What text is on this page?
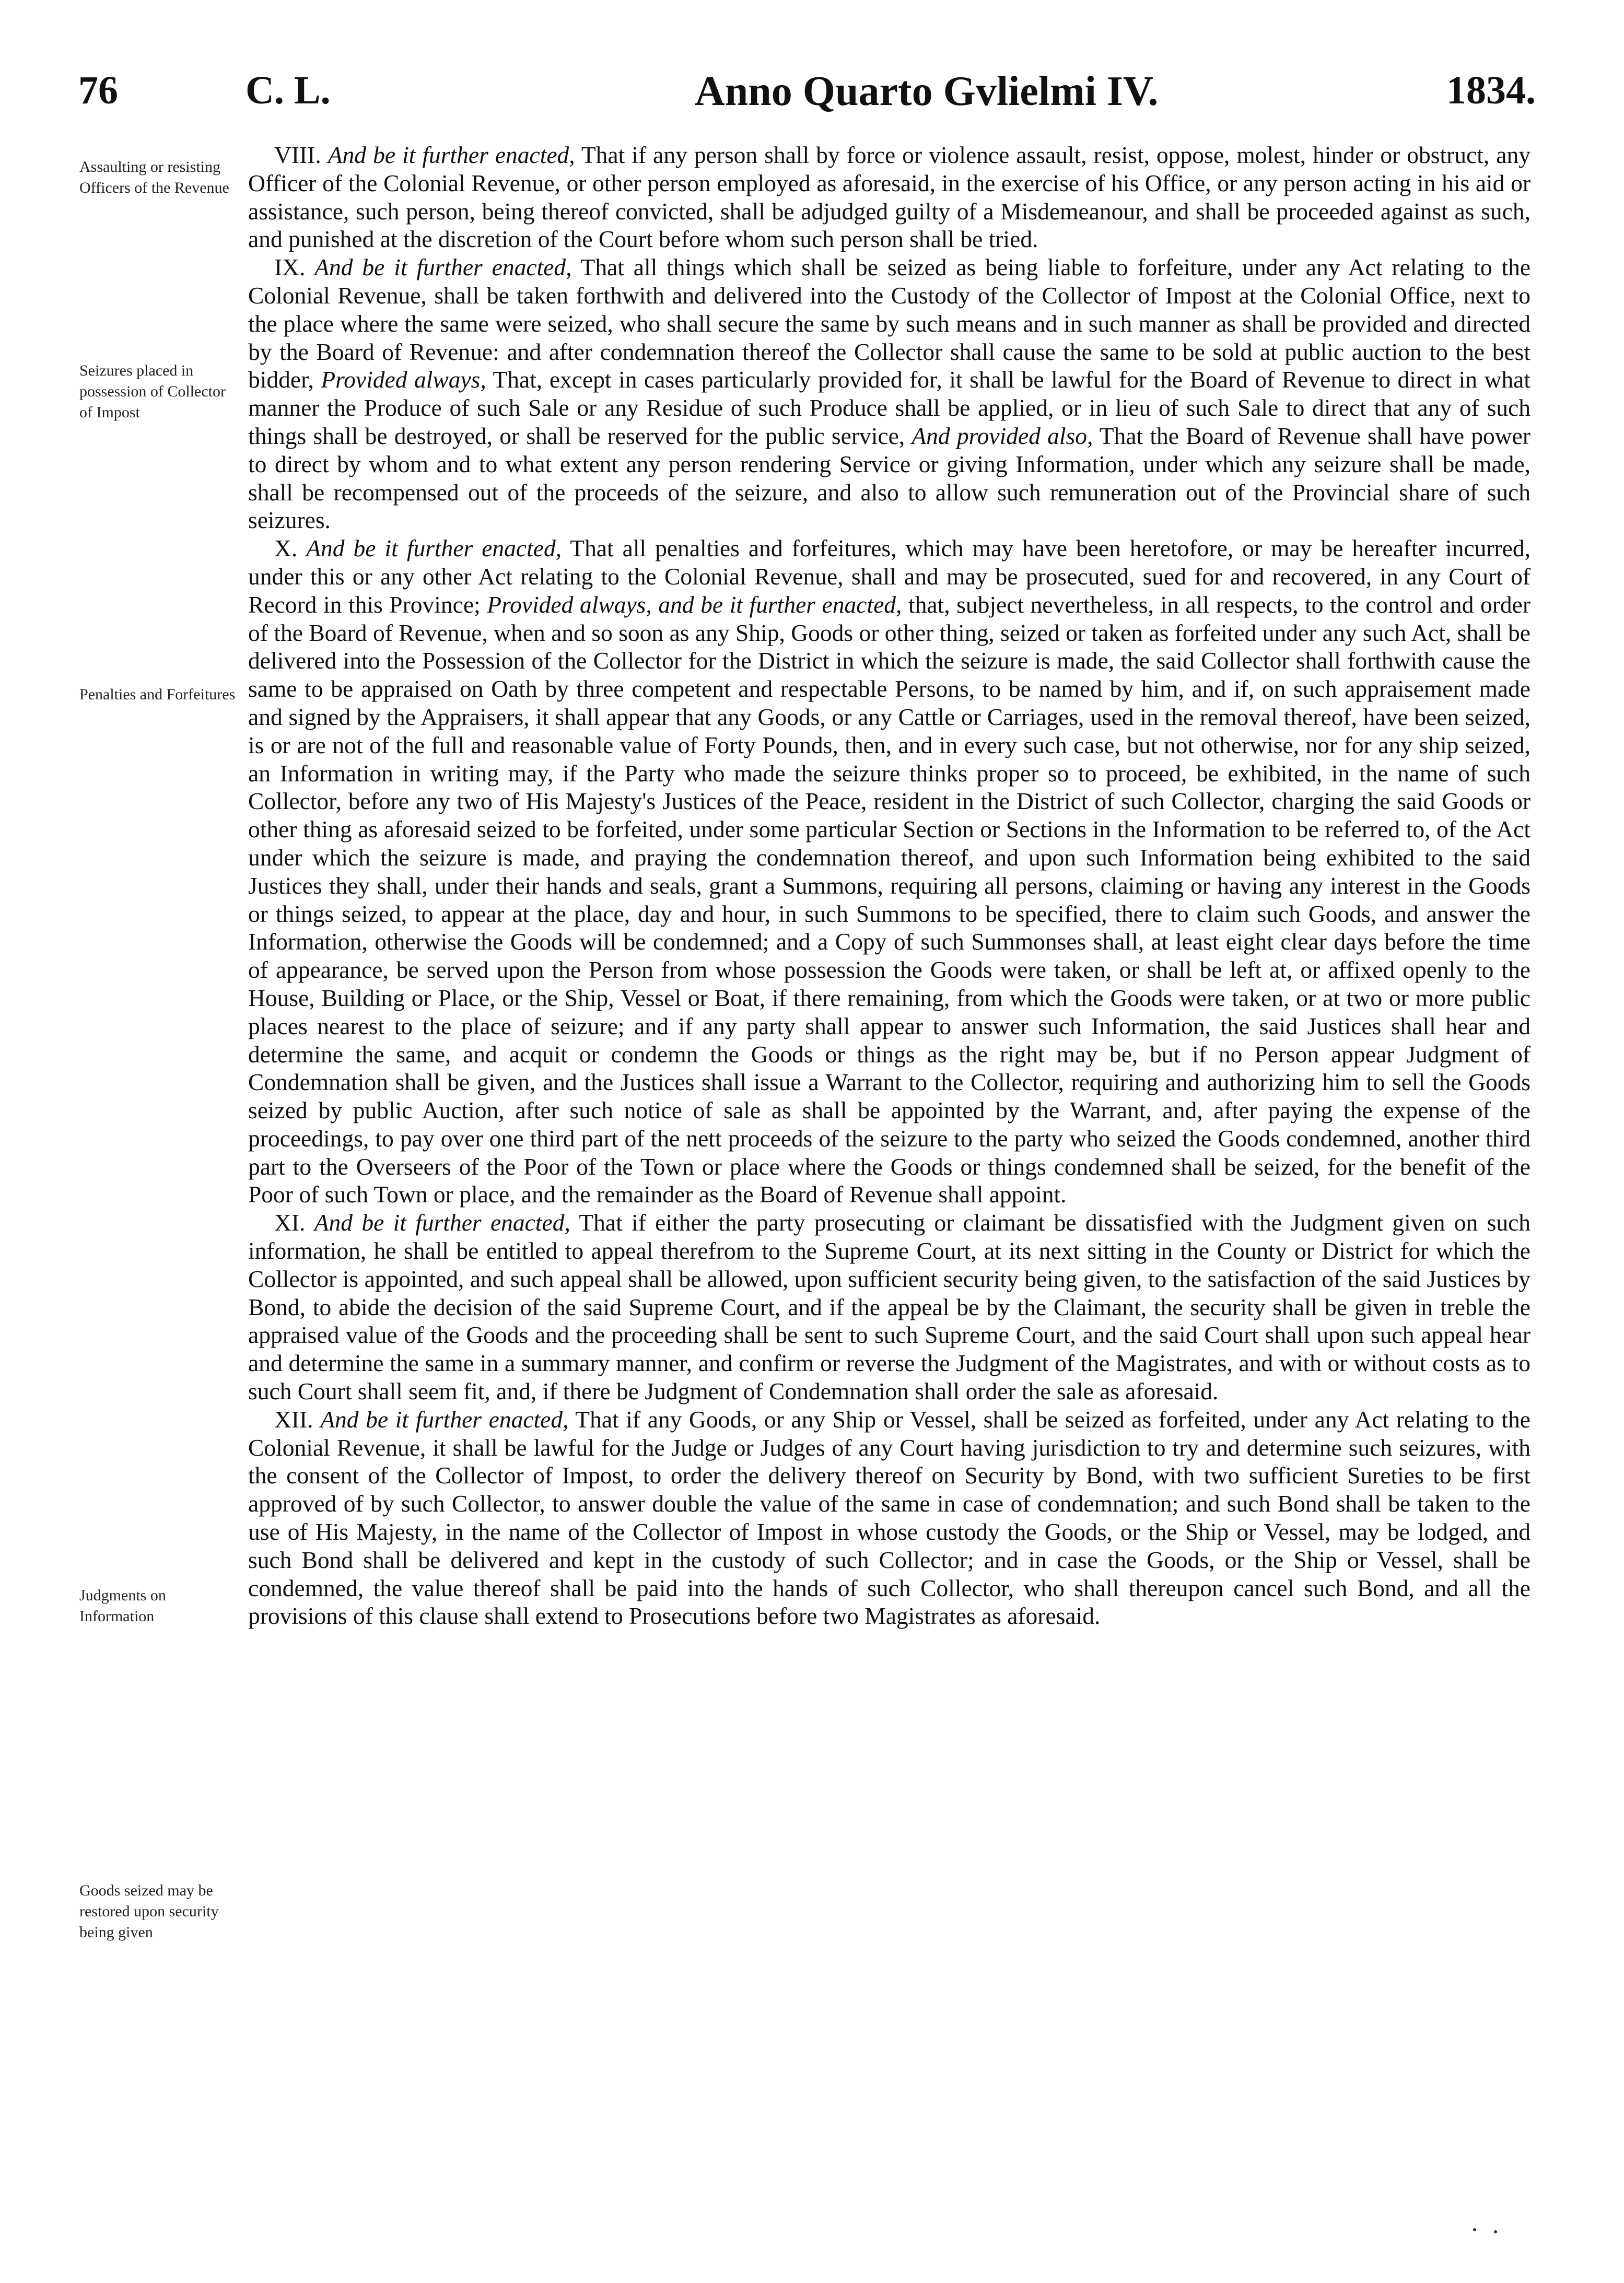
76	C. L.	Anno Quarto Gvlielmi IV.	1834.
Assaulting or resisting Officers of the Revenue
Seizures placed in possession of Collector of Impost
Penalties and Forfeitures
Judgments on Information
Goods seized may be restored upon security being given

VIII. And be it further enacted, That if any person shall by force or violence assault, resist, oppose, molest, hinder or obstruct, any Officer of the Colonial Revenue, or other person employed as aforesaid, in the exercise of his Office, or any person acting in his aid or assistance, such person, being thereof convicted, shall be adjudged guilty of a Misdemeanour, and shall be proceeded against as such, and punished at the discretion of the Court before whom such person shall be tried.

IX. And be it further enacted, That all things which shall be seized as being liable to forfeiture, under any Act relating to the Colonial Revenue, shall be taken forthwith and delivered into the Custody of the Collector of Impost at the Colonial Office, next to the place where the same were seized, who shall secure the same by such means and in such manner as shall be provided and directed by the Board of Revenue: and after condemnation thereof the Collector shall cause the same to be sold at public auction to the best bidder, Provided always, That, except in cases particularly provided for, it shall be lawful for the Board of Revenue to direct in what manner the Produce of such Sale or any Residue of such Produce shall be applied, or in lieu of such Sale to direct that any of such things shall be destroyed, or shall be reserved for the public service, And provided also, That the Board of Revenue shall have power to direct by whom and to what extent any person rendering Service or giving Information, under which any seizure shall be made, shall be recompensed out of the proceeds of the seizure, and also to allow such remuneration out of the Provincial share of such seizures.

X. And be it further enacted, That all penalties and forfeitures, which may have been heretofore, or may be hereafter incurred, under this or any other Act relating to the Colonial Revenue, shall and may be prosecuted, sued for and recovered, in any Court of Record in this Province; Provided always, and be it further enacted, that, subject nevertheless, in all respects, to the control and order of the Board of Revenue, when and so soon as any Ship, Goods or other thing, seized or taken as forfeited under any such Act, shall be delivered into the Possession of the Collector for the District in which the seizure is made, the said Collector shall forthwith cause the same to be appraised on Oath by three competent and respectable Persons, to be named by him, and if, on such appraisement made and signed by the Appraisers, it shall appear that any Goods, or any Cattle or Carriages, used in the removal thereof, have been seized, is or are not of the full and reasonable value of Forty Pounds, then, and in every such case, but not otherwise, nor for any ship seized, an Information in writing may, if the Party who made the seizure thinks proper so to proceed, be exhibited, in the name of such Collector, before any two of His Majesty's Justices of the Peace, resident in the District of such Collector, charging the said Goods or other thing as aforesaid seized to be forfeited, under some particular Section or Sections in the Information to be referred to, of the Act under which the seizure is made, and praying the condemnation thereof, and upon such Information being exhibited to the said Justices they shall, under their hands and seals, grant a Summons, requiring all persons, claiming or having any interest in the Goods or things seized, to appear at the place, day and hour, in such Summons to be specified, there to claim such Goods, and answer the Information, otherwise the Goods will be condemned; and a Copy of such Summonses shall, at least eight clear days before the time of appearance, be served upon the Person from whose possession the Goods were taken, or shall be left at, or affixed openly to the House, Building or Place, or the Ship, Vessel or Boat, if there remaining, from which the Goods were taken, or at two or more public places nearest to the place of seizure; and if any party shall appear to answer such Information, the said Justices shall hear and determine the same, and acquit or condemn the Goods or things as the right may be, but if no Person appear Judgment of Condemnation shall be given, and the Justices shall issue a Warrant to the Collector, requiring and authorizing him to sell the Goods seized by public Auction, after such notice of sale as shall be appointed by the Warrant, and, after paying the expense of the proceedings, to pay over one third part of the nett proceeds of the seizure to the party who seized the Goods condemned, another third part to the Overseers of the Poor of the Town or place where the Goods or things condemned shall be seized, for the benefit of the Poor of such Town or place, and the remainder as the Board of Revenue shall appoint.

XI. And be it further enacted, That if either the party prosecuting or claimant be dissatisfied with the Judgment given on such information, he shall be entitled to appeal therefrom to the Supreme Court, at its next sitting in the County or District for which the Collector is appointed, and such appeal shall be allowed, upon sufficient security being given, to the satisfaction of the said Justices by Bond, to abide the decision of the said Supreme Court, and if the appeal be by the Claimant, the security shall be given in treble the appraised value of the Goods and the proceeding shall be sent to such Supreme Court, and the said Court shall upon such appeal hear and determine the same in a summary manner, and confirm or reverse the Judgment of the Magistrates, and with or without costs as to such Court shall seem fit, and, if there be Judgment of Condemnation shall order the sale as aforesaid.

XII. And be it further enacted, That if any Goods, or any Ship or Vessel, shall be seized as forfeited, under any Act relating to the Colonial Revenue, it shall be lawful for the Judge or Judges of any Court having jurisdiction to try and determine such seizures, with the consent of the Collector of Impost, to order the delivery thereof on Security by Bond, with two sufficient Sureties to be first approved of by such Collector, to answer double the value of the same in case of condemnation; and such Bond shall be taken to the use of His Majesty, in the name of the Collector of Impost in whose custody the Goods, or the Ship or Vessel, may be lodged, and such Bond shall be delivered and kept in the custody of such Collector; and in case the Goods, or the Ship or Vessel, shall be condemned, the value thereof shall be paid into the hands of such Collector, who shall thereupon cancel such Bond, and all the provisions of this clause shall extend to Prosecutions before two Magistrates as aforesaid.
